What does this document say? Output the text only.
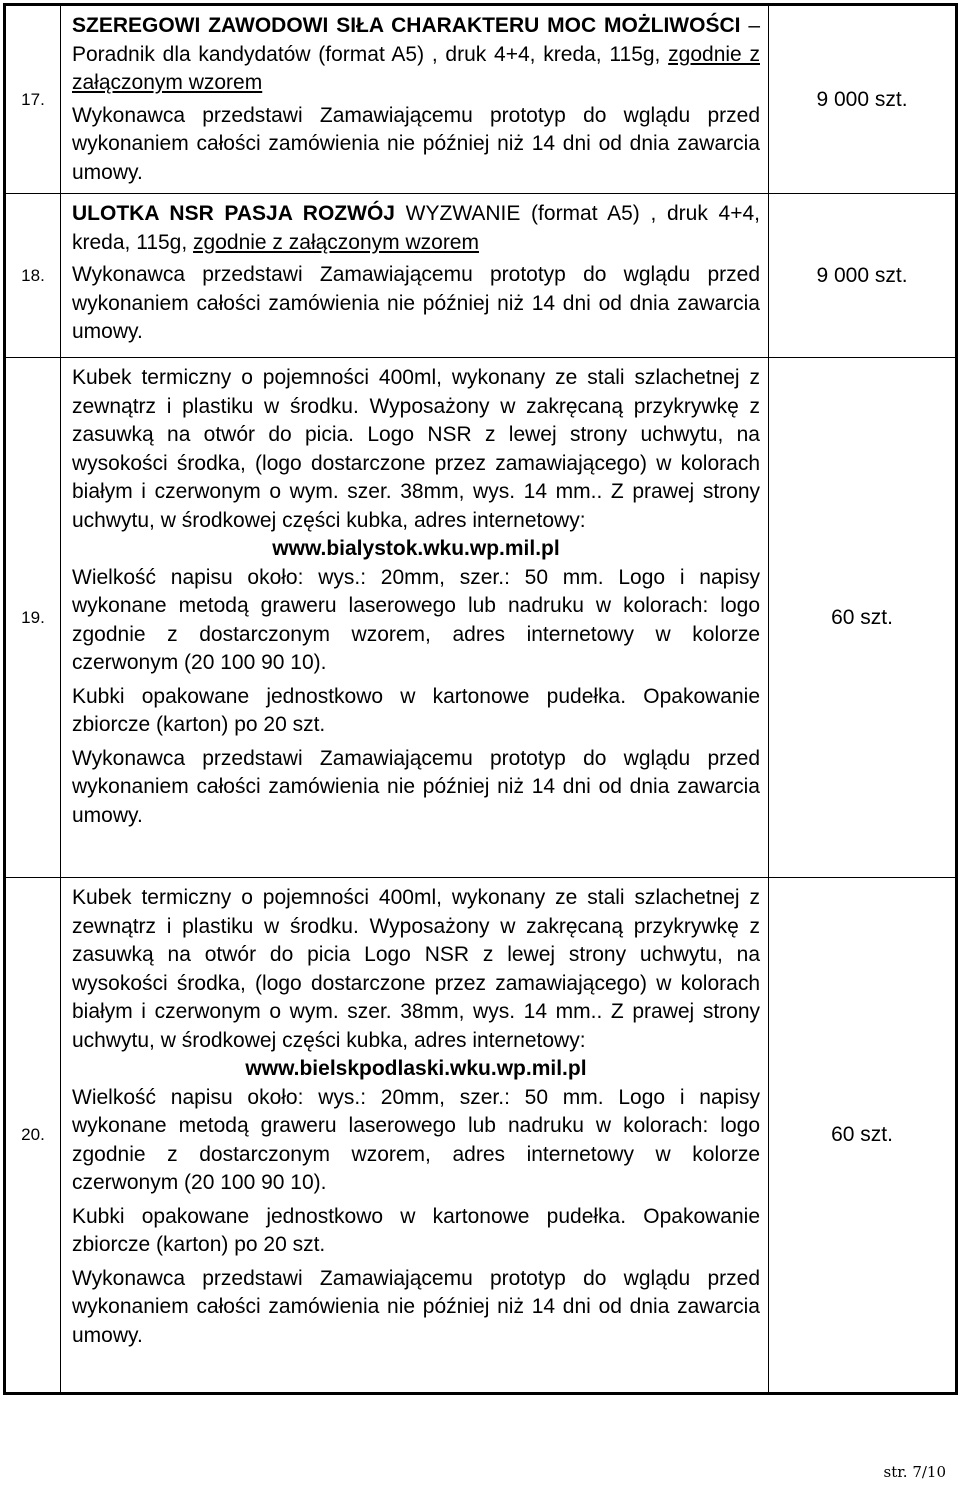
17.	SZEREGOWI ZAWODOWI SIŁA CHARAKTERU MOC MOŻLIWOŚCI – Poradnik dla kandydatów (format A5) , druk 4+4, kreda, 115g, zgodnie z załączonym wzorem

Wykonawca przedstawi Zamawiającemu prototyp do wglądu przed wykonaniem całości zamówienia nie później niż 14 dni od dnia zawarcia umowy.	9 000 szt.
18.	ULOTKA NSR PASJA ROZWÓJ WYZWANIE (format A5) , druk 4+4, kreda, 115g, zgodnie z załączonym wzorem

Wykonawca przedstawi Zamawiającemu prototyp do wglądu przed wykonaniem całości zamówienia nie później niż 14 dni od dnia zawarcia umowy.	9 000 szt.
19.	Kubek termiczny o pojemności 400ml, wykonany ze stali szlachetnej z zewnątrz i plastiku w środku. Wyposażony w zakręcaną przykrywkę z zasuwką na otwór do picia. Logo NSR z lewej strony uchwytu, na wysokości środka, (logo dostarczone przez zamawiającego) w kolorach białym i czerwonym o wym. szer. 38mm, wys. 14 mm.. Z prawej strony uchwytu, w środkowej części kubka, adres internetowy:

www.bialystok.wku.wp.mil.pl

Wielkość napisu około: wys.: 20mm, szer.: 50 mm. Logo i napisy wykonane metodą graweru laserowego lub nadruku w kolorach: logo zgodnie z dostarczonym wzorem, adres internetowy w kolorze czerwonym (20 100 90 10).

Kubki opakowane jednostkowo w kartonowe pudełka. Opakowanie zbiorcze (karton) po 20 szt.

Wykonawca przedstawi Zamawiającemu prototyp do wglądu przed wykonaniem całości zamówienia nie później niż 14 dni od dnia zawarcia umowy.	60 szt.
20.	Kubek termiczny o pojemności 400ml, wykonany ze stali szlachetnej z zewnątrz i plastiku w środku. Wyposażony w zakręcaną przykrywkę z zasuwką na otwór do picia Logo NSR z lewej strony uchwytu, na wysokości środka, (logo dostarczone przez zamawiającego) w kolorach białym i czerwonym o wym. szer. 38mm, wys. 14 mm.. Z prawej strony uchwytu, w środkowej części kubka, adres internetowy:

www.bielskpodlaski.wku.wp.mil.pl

Wielkość napisu około: wys.: 20mm, szer.: 50 mm. Logo i napisy wykonane metodą graweru laserowego lub nadruku w kolorach: logo zgodnie z dostarczonym wzorem, adres internetowy w kolorze czerwonym (20 100 90 10).

Kubki opakowane jednostkowo w kartonowe pudełka. Opakowanie zbiorcze (karton) po 20 szt.

Wykonawca przedstawi Zamawiającemu prototyp do wglądu przed wykonaniem całości zamówienia nie później niż 14 dni od dnia zawarcia umowy.	60 szt.
str. 7/10
